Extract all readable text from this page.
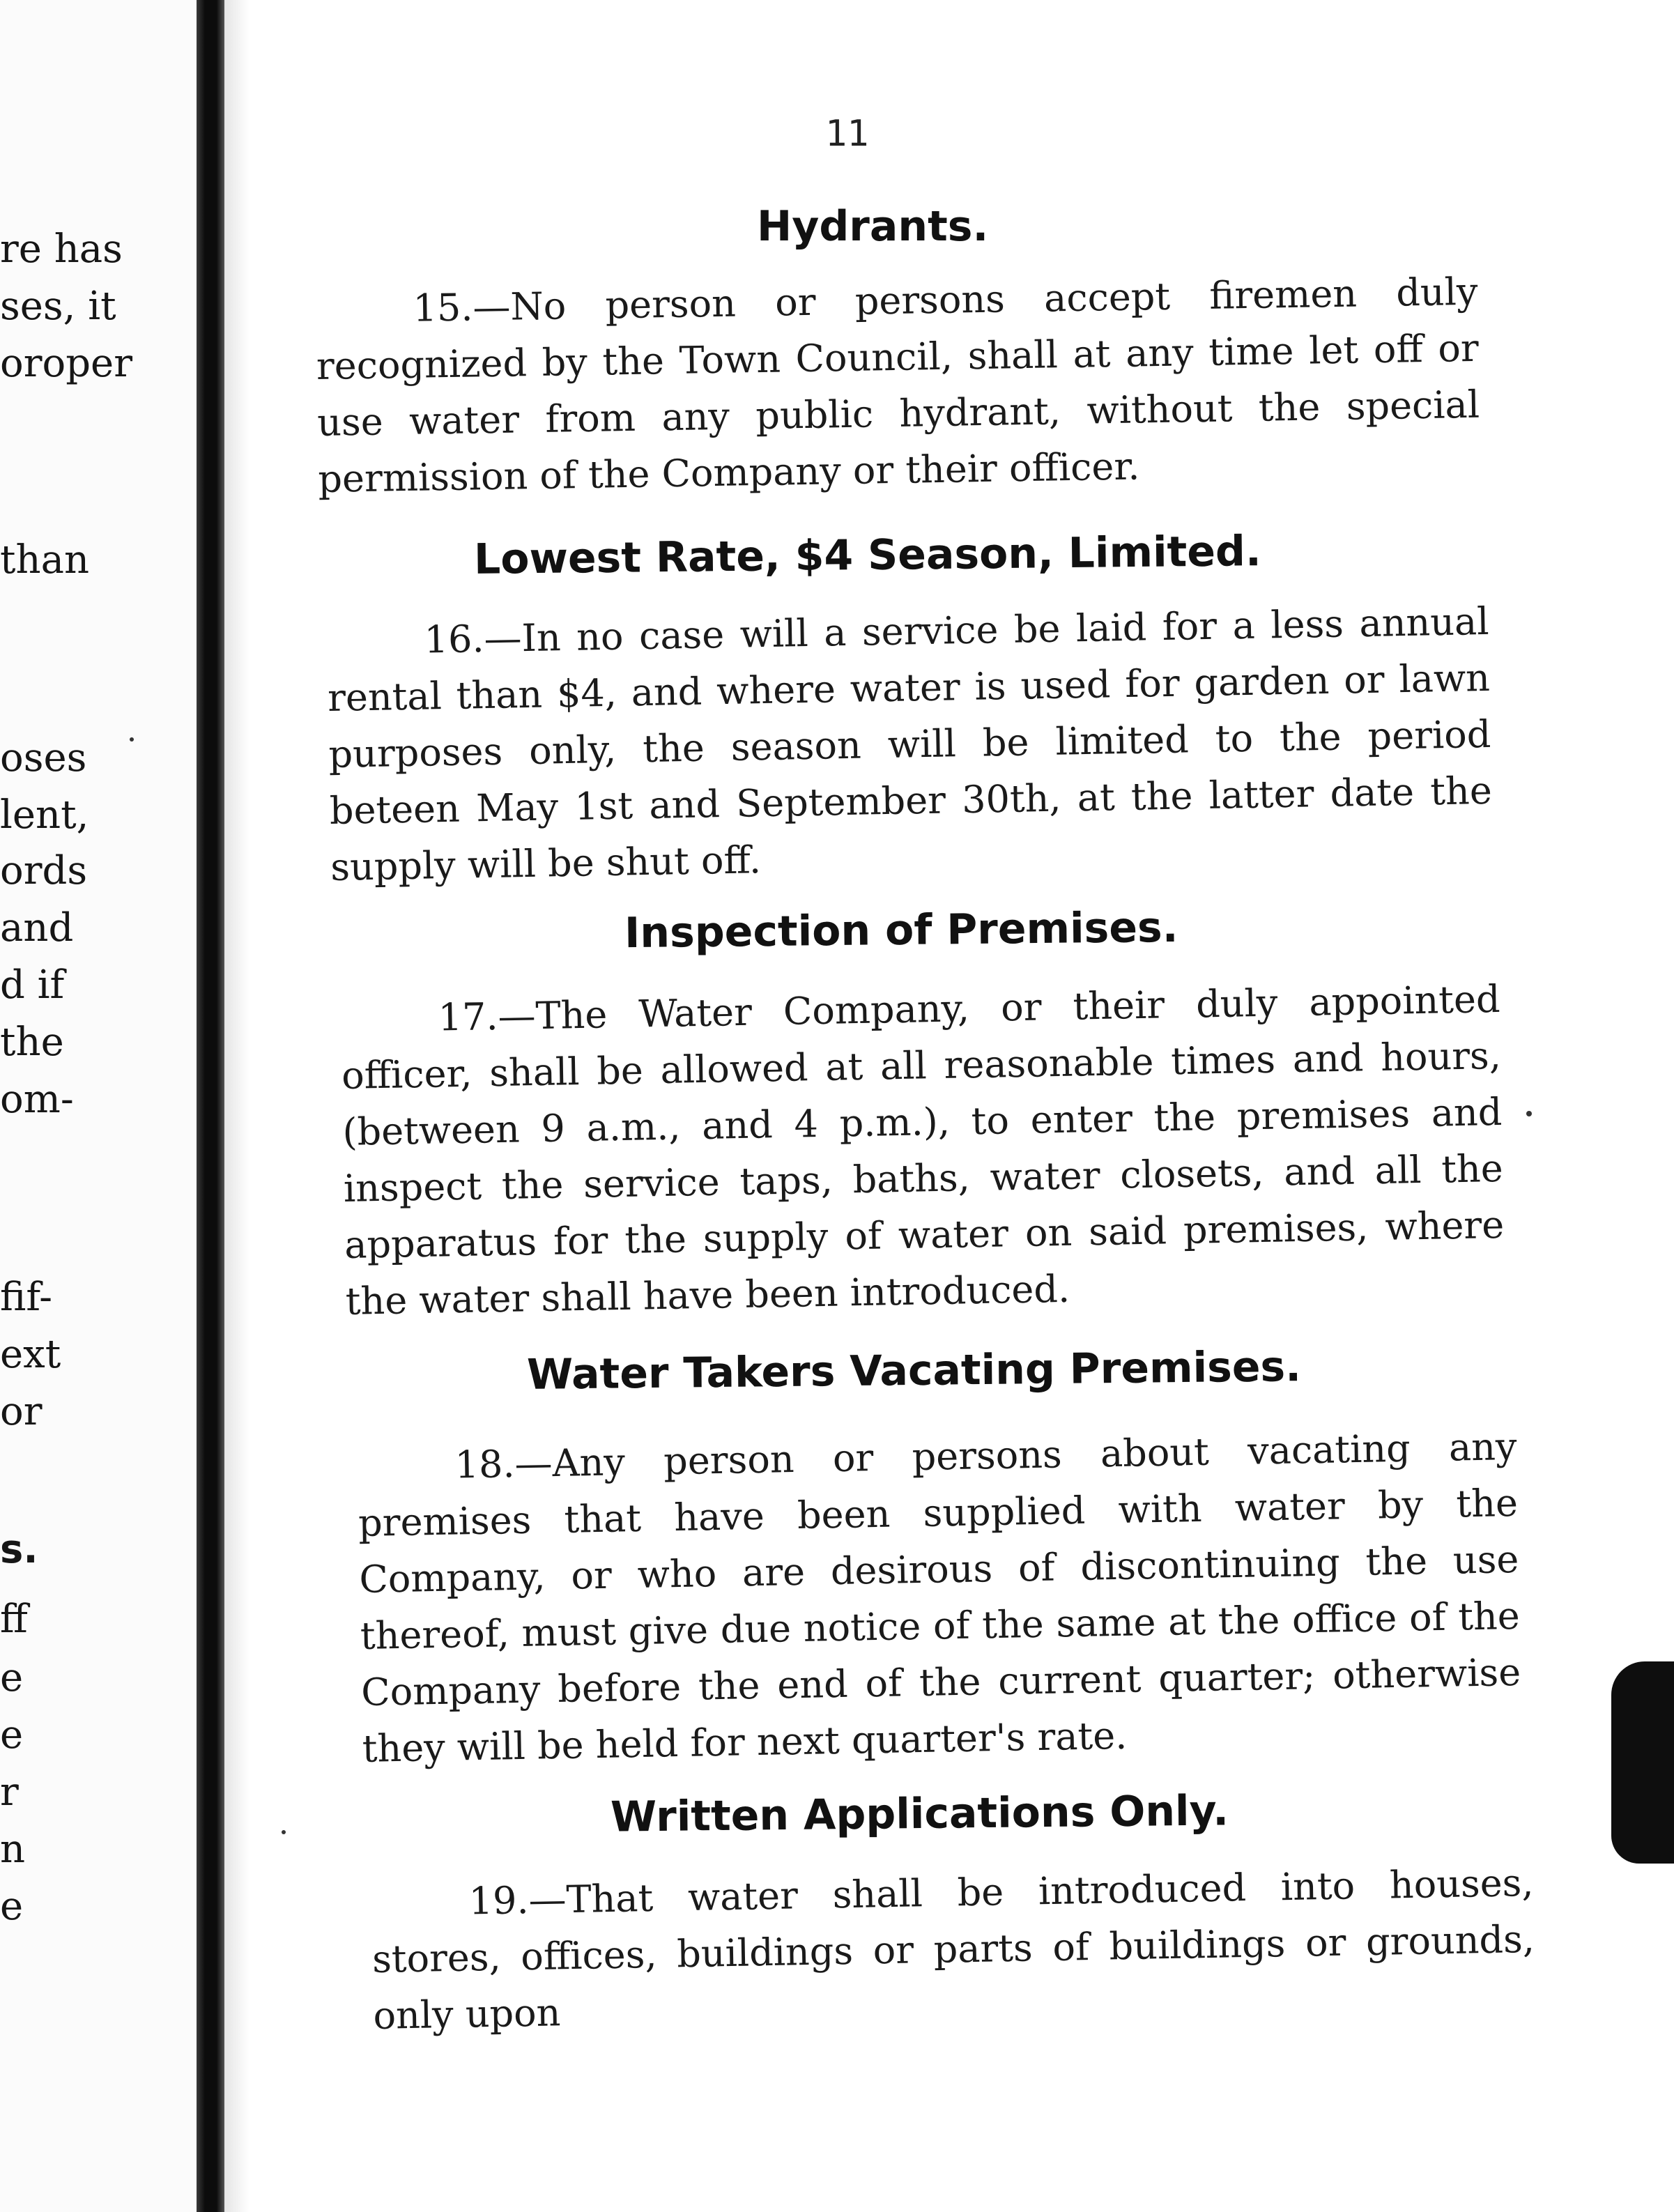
re has
ses, it
oroper
than
oses
lent,
ords
and
d if
the
om-
fif-
ext
or
s.
ff
e
e
r
n
e
11
Hydrants.
15.—No person or persons accept firemen duly recognized by the Town Council, shall at any time let off or use water from any public hydrant, without the special permission of the Company or their officer.
Lowest Rate, $4 Season, Limited.
16.—In no case will a service be laid for a less annual rental than $4, and where water is used for garden or lawn purposes only, the season will be limited to the period beteen May 1st and September 30th, at the latter date the supply will be shut off.
Inspection of Premises.
17.—The Water Company, or their duly appointed officer, shall be allowed at all reasonable times and hours, (between 9 a.m., and 4 p.m.), to enter the premises and inspect the service taps, baths, water closets, and all the apparatus for the supply of water on said premises, where the water shall have been introduced.
Water Takers Vacating Premises.
18.—Any person or persons about vacating any premises that have been supplied with water by the Company, or who are desirous of discontinuing the use thereof, must give due notice of the same at the office of the Company before the end of the current quarter; otherwise they will be held for next quarter's rate.
Written Applications Only.
19.—That water shall be introduced into houses, stores, offices, buildings or parts of buildings or grounds, only upon
